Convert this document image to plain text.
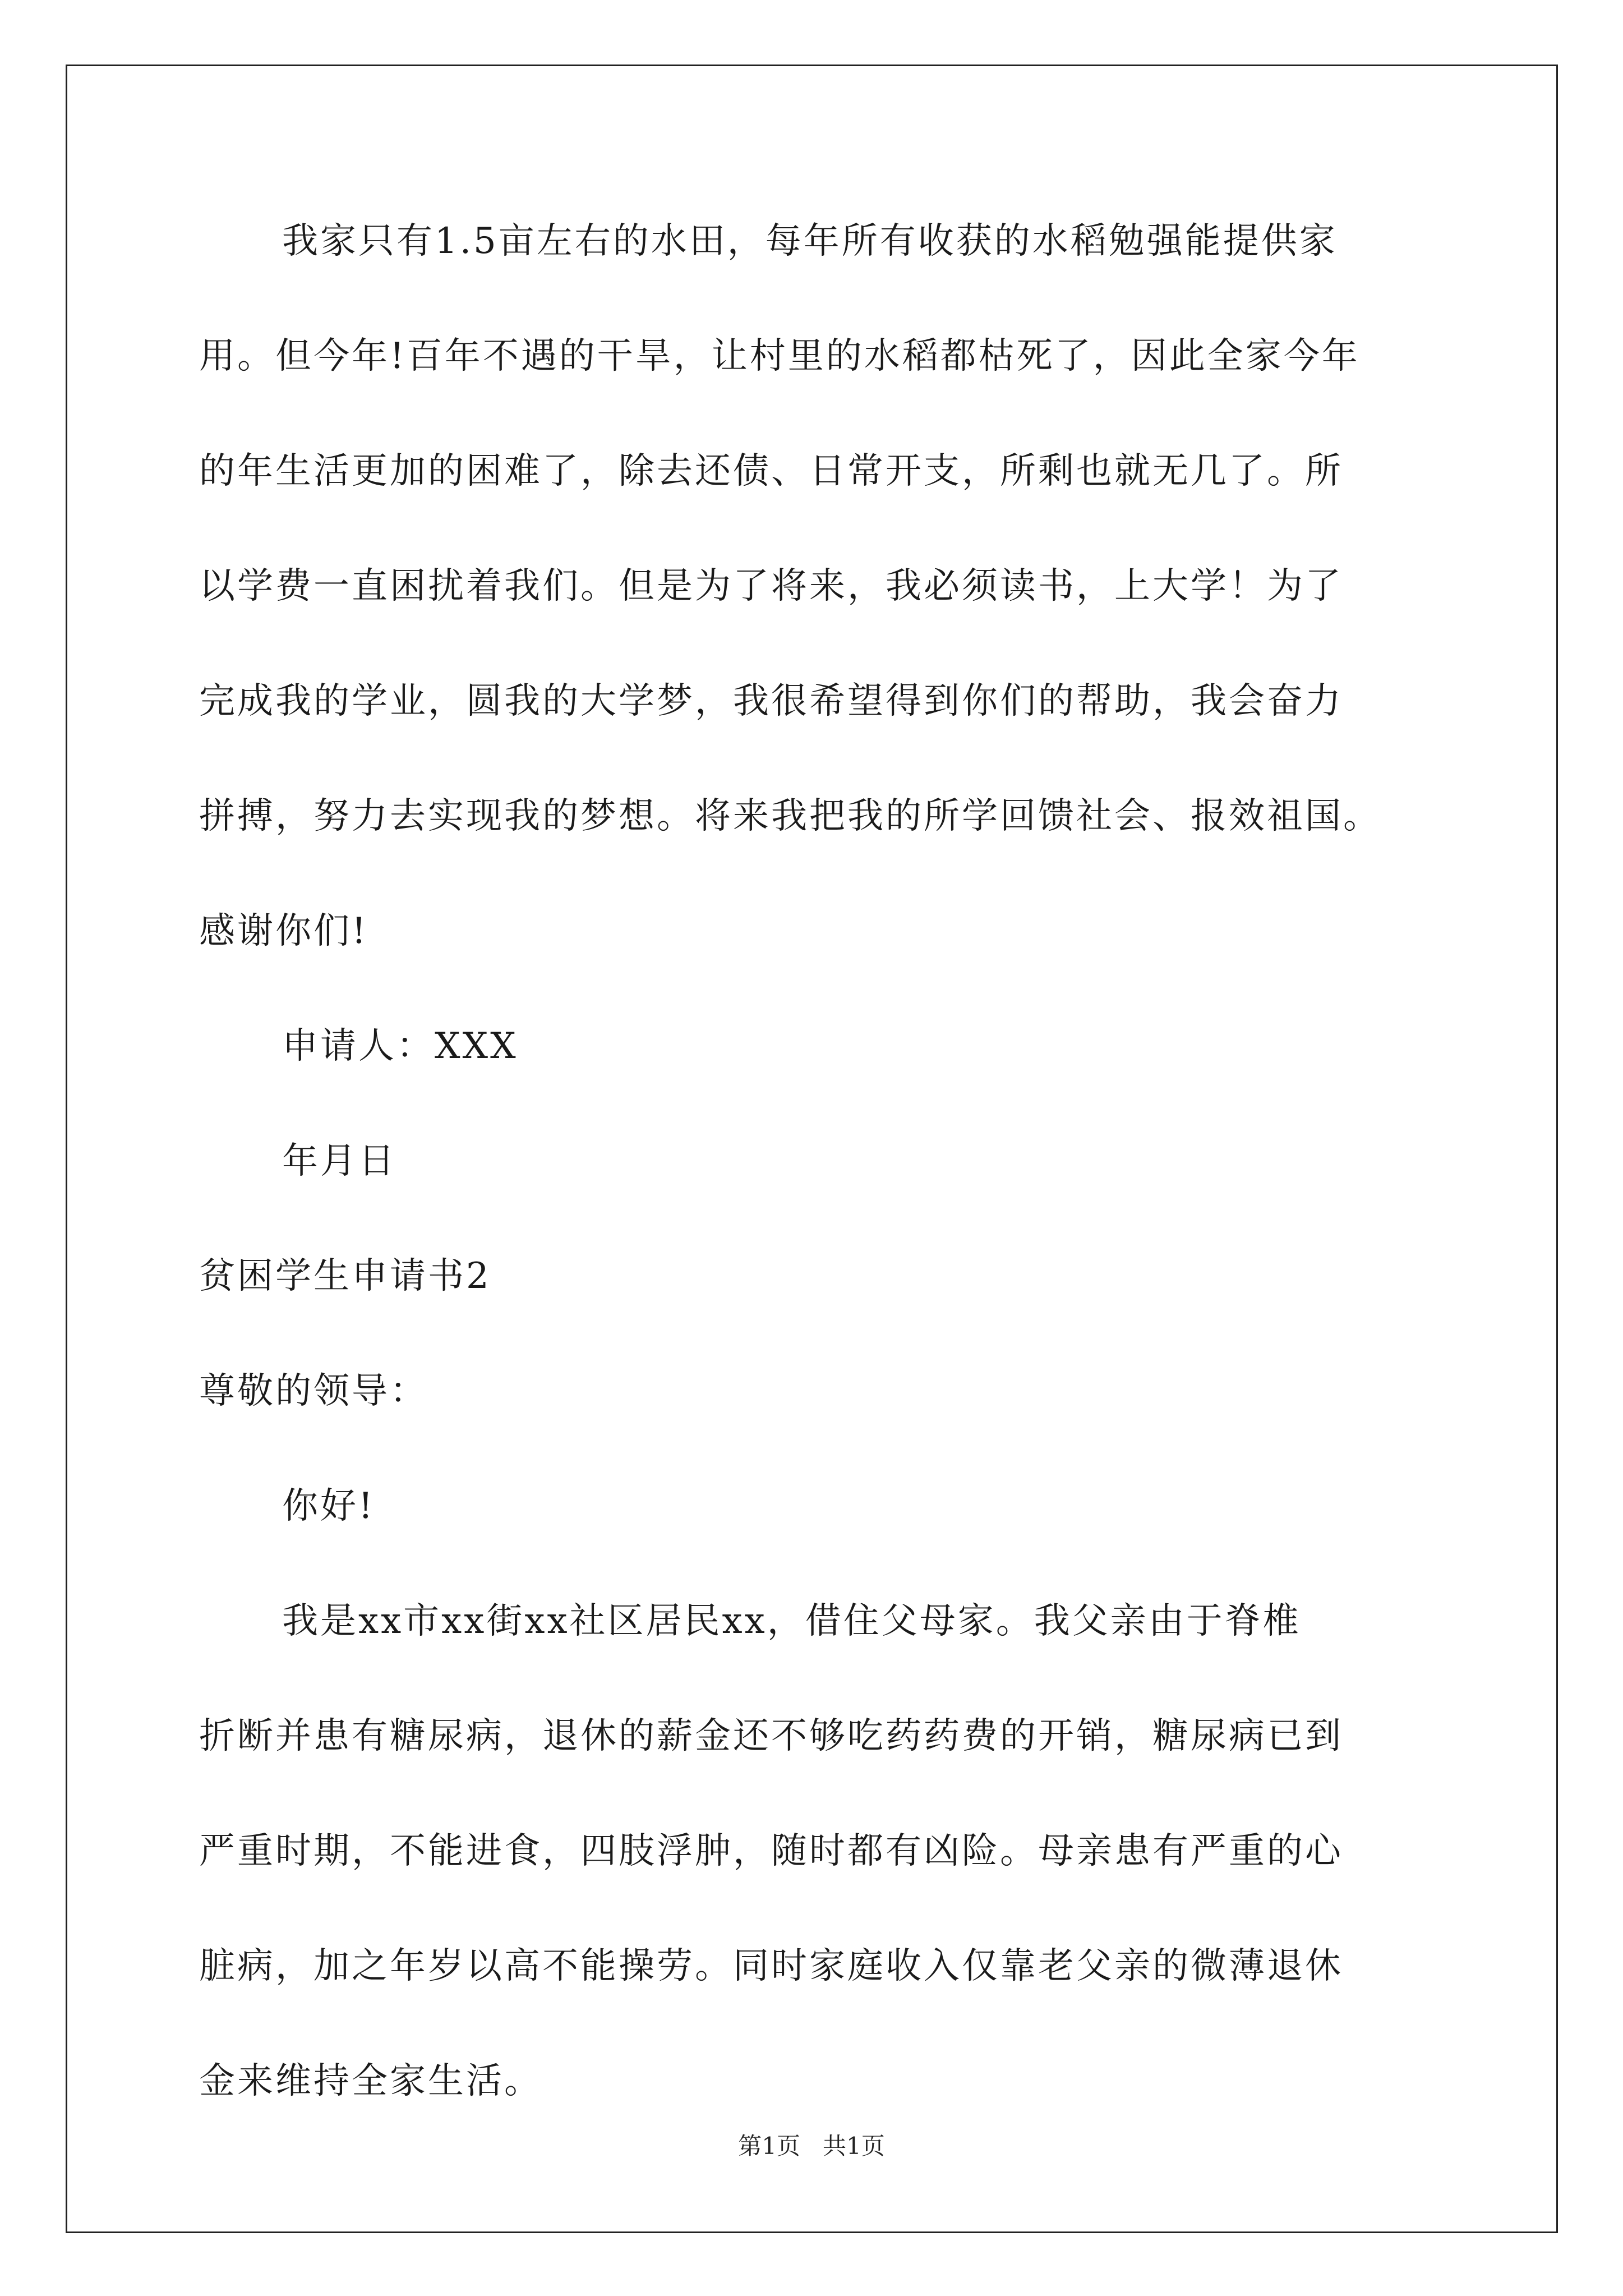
我家只有1.5亩左右的水田，每年所有收获的水稻勉强能提供家
用。但今年!百年不遇的干旱，让村里的水稻都枯死了，因此全家今年
的年生活更加的困难了，除去还债、日常开支，所剩也就无几了。所
以学费一直困扰着我们。但是为了将来，我必须读书，上大学！为了
完成我的学业，圆我的大学梦，我很希望得到你们的帮助，我会奋力
拼搏，努力去实现我的梦想。将来我把我的所学回馈社会、报效祖国。
感谢你们!
申请人：XXX
年月日
贫困学生申请书2
尊敬的领导：
你好!
我是xx市xx街xx社区居民xx，借住父母家。我父亲由于脊椎
折断并患有糖尿病，退休的薪金还不够吃药药费的开销，糖尿病已到
严重时期，不能进食，四肢浮肿，随时都有凶险。母亲患有严重的心
脏病，加之年岁以高不能操劳。同时家庭收入仅靠老父亲的微薄退休
金来维持全家生活。
第1页   共1页
